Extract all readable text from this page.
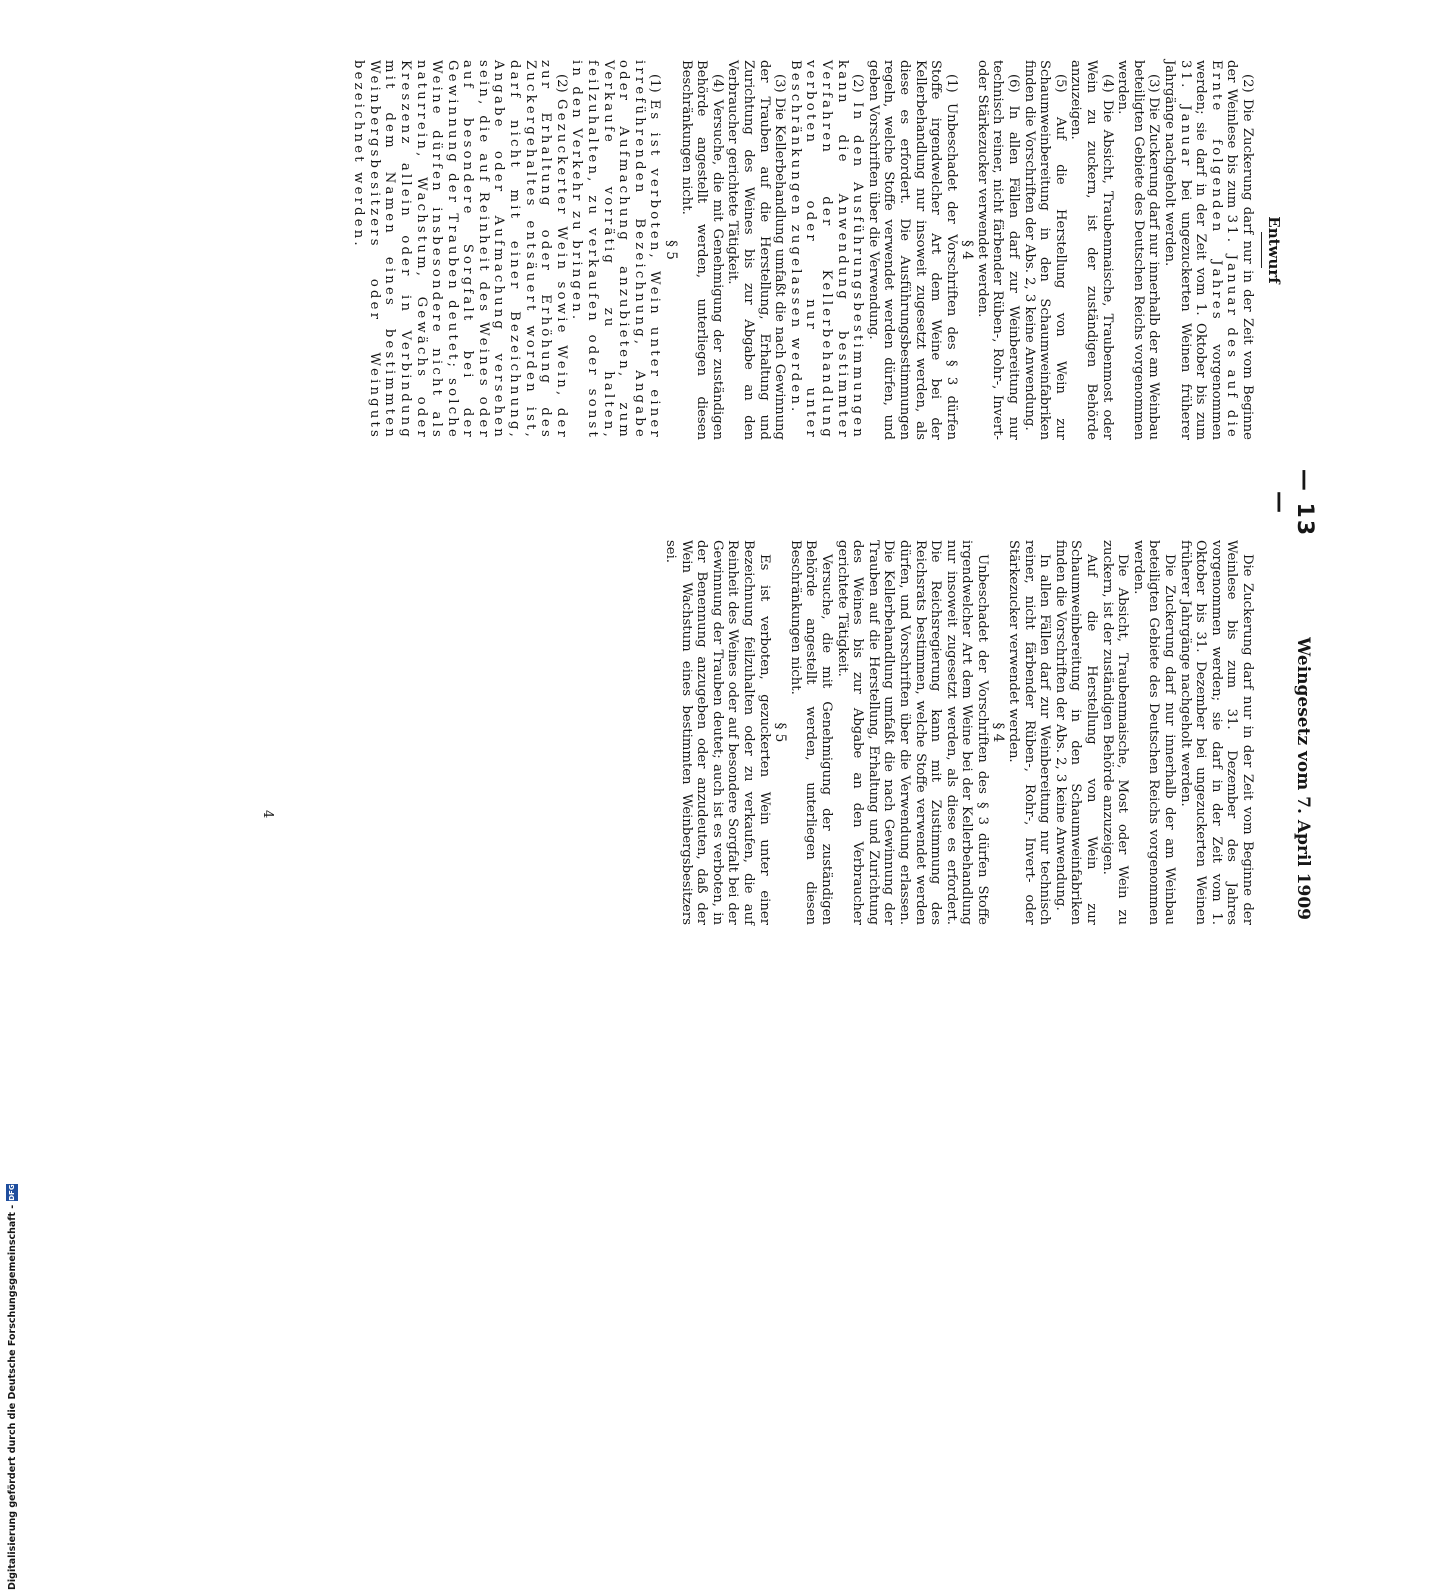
— 13 —
Weingesetz vom 7. April 1909
Entwurf

(2) Die Zuckerung darf nur in der Zeit vom Beginne der Weinlese bis zum 31. Januar des auf die Ernte folgenden Jahres vorgenommen werden; sie darf in der Zeit vom 1. Oktober bis zum 31. Januar bei ungezuckerten Weinen früherer Jahrgänge nachgeholt werden.

(3) Die Zuckerung darf nur innerhalb der am Weinbau beteiligten Gebiete des Deutschen Reichs vorgenommen werden.

(4) Die Absicht, Traubenmaische, Traubenmost oder Wein zu zuckern, ist der zuständigen Behörde anzuzeigen.

(5) Auf die Herstellung von Wein zur Schaumweinbereitung in den Schaumweinfabriken finden die Vorschriften der Abs. 2, 3 keine Anwendung.

(6) In allen Fällen darf zur Weinbereitung nur technisch reiner, nicht färbender Rüben-, Rohr-, Invert- oder Stärkezucker verwendet werden.

§ 4

(1) Unbeschadet der Vorschriften des § 3 dürfen Stoffe irgendwelcher Art dem Weine bei der Kellerbehandlung nur insoweit zugesetzt werden, als diese es erfordert. Die Ausführungsbestimmungen regeln, welche Stoffe verwendet werden dürfen, und geben Vorschriften über die Verwendung.

(2) In den Ausführungsbestimmungen kann die Anwendung bestimmter Verfahren der Kellerbehandlung verboten oder nur unter Beschränkungen zugelassen werden.

(3) Die Kellerbehandlung umfaßt die nach Gewinnung der Trauben auf die Herstellung, Erhaltung und Zurichtung des Weines bis zur Abgabe an den Verbraucher gerichtete Tätigkeit.

(4) Versuche, die mit Genehmigung der zuständigen Behörde angestellt werden, unterliegen diesen Beschränkungen nicht.

§ 5

(1) Es ist verboten, Wein unter einer irreführenden Bezeichnung, Angabe oder Aufmachung anzubieten, zum Verkaufe vorrätig zu halten, feilzuhalten, zu verkaufen oder sonst in den Verkehr zu bringen.

(2) Gezuckerter Wein sowie Wein, der zur Erhaltung oder Erhöhung des Zuckergehaltes entsäuert worden ist, darf nicht mit einer Bezeichnung, Angabe oder Aufmachung versehen sein, die auf Reinheit des Weines oder auf besondere Sorgfalt bei der Gewinnung der Trauben deutet; solche Weine dürfen insbesondere nicht als naturrein, Wachstum, Gewächs oder Kreszenz allein oder in Verbindung mit dem Namen eines bestimmten Weinbergsbesitzers oder Weinguts bezeichnet werden.

Die Zuckerung darf nur in der Zeit vom Beginne der Weinlese bis zum 31. Dezember des Jahres vorgenommen werden; sie darf in der Zeit vom 1. Oktober bis 31. Dezember bei ungezuckerten Weinen früherer Jahrgänge nachgeholt werden.

Die Zuckerung darf nur innerhalb der am Weinbau beteiligten Gebiete des Deutschen Reichs vorgenommen werden.

Die Absicht, Traubenmaische, Most oder Wein zu zuckern, ist der zuständigen Behörde anzuzeigen.

Auf die Herstellung von Wein zur Schaumweinbereitung in den Schaumweinfabriken finden die Vorschriften der Abs. 2, 3 keine Anwendung.

In allen Fällen darf zur Weinbereitung nur technisch reiner, nicht färbender Rüben-, Rohr-, Invert- oder Stärkezucker verwendet werden.

§ 4

Unbeschadet der Vorschriften des § 3 dürfen Stoffe irgendwelcher Art dem Weine bei der Kellerbehandlung nur insoweit zugesetzt werden, als diese es erfordert. Die Reichsregierung kann mit Zustimmung des Reichsrats bestimmen, welche Stoffe verwendet werden dürfen, und Vorschriften über die Verwendung erlassen. Die Kellerbehandlung umfaßt die nach Gewinnung der Trauben auf die Herstellung, Erhaltung und Zurichtung des Weines bis zur Abgabe an den Verbraucher gerichtete Tätigkeit.

Versuche, die mit Genehmigung der zuständigen Behörde angestellt werden, unterliegen diesen Beschränkungen nicht.

§ 5

Es ist verboten, gezuckerten Wein unter einer Bezeichnung feilzuhalten oder zu verkaufen, die auf Reinheit des Weines oder auf besondere Sorgfalt bei der Gewinnung der Trauben deutet; auch ist es verboten, in der Benennung anzugeben oder anzudeuten, daß der Wein Wachstum eines bestimmten Weinbergsbesitzers sei.

4
Digitalisierung gefördert durch die Deutsche Forschungsgemeinschaft -
DFG
